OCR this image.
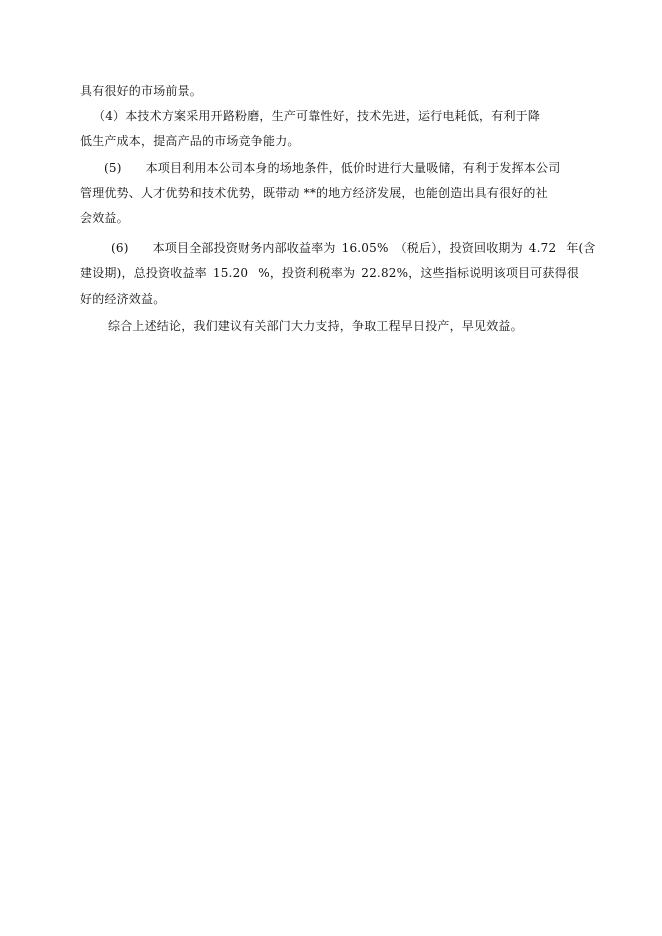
具有很好的市场前景。
（4）本技术方案采用开路粉磨，生产可靠性好，技术先进，运行电耗低，有利于降
低生产成本，提高产品的市场竞争能力。
(5) 本项目利用本公司本身的场地条件，低价时进行大量吸储，有利于发挥本公司
管理优势、人才优势和技术优势，既带动 **的地方经济发展，也能创造出具有很好的社
会效益。
(6) 本项目全部投资财务内部收益率为 16.05% （税后），投资回收期为 4.72 年(含
建设期)，总投资收益率 15.20 %，投资利税率为 22.82%，这些指标说明该项目可获得很
好的经济效益。
综合上述结论，我们建议有关部门大力支持，争取工程早日投产，早见效益。
